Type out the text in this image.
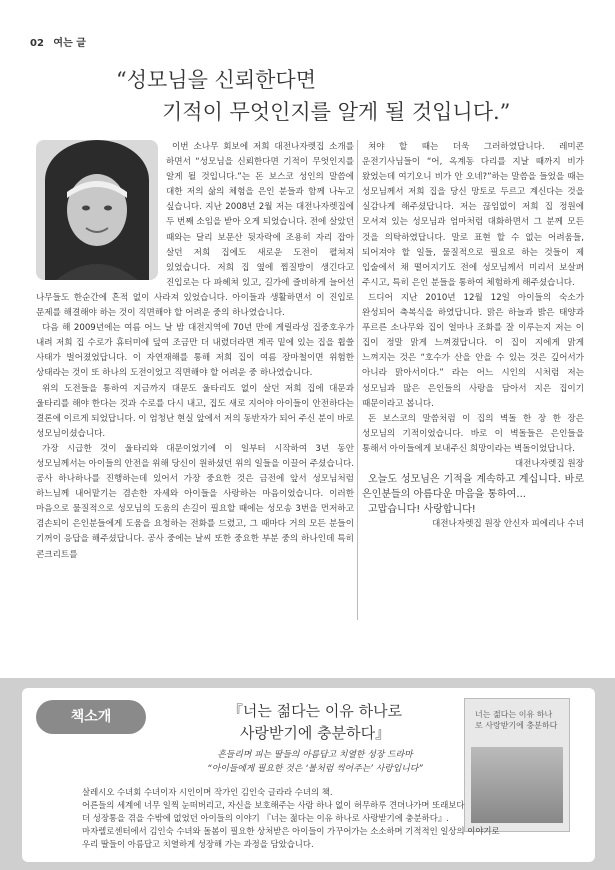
02 여는 글
“성모님을 신뢰한다면
기적이 무엇인지를 알게 될 것입니다.”

이번 소나무 회보에 저희 대전나자렛집 소개를 하면서 “성모님을 신뢰한다면 기적이 무엇인지를 알게 될 것입니다.”는 돈 보스코 성인의 말씀에 대한 저의 삶의 체험을 은인 분들과 함께 나누고 싶습니다. 지난 2008년 2월 저는 대전나자렛집에 두 번째 소임을 받아 오게 되었습니다. 전에 살았던 때와는 달리 보문산 뒷자락에 조용히 자리 잡아 살던 저희 집에도 새로운 도전이 펼쳐져 있었습니다. 저희 집 옆에 찜질방이 생긴다고 진입로는 다 파헤쳐 있고, 길가에 즐비하게 늘어선 나무들도 한순간에 흔적 없이 사라져 있었습니다. 아이들과 생활하면서 이 진입로 문제를 해결해야 하는 것이 직면해야 할 어려운 중의 하나였습니다.

다음 해 2009년에는 여름 어느 날 밤 대전지역에 70년 만에 게릴라성 집중호우가 내려 저희 집 수로가 휴터미에 덮여 조금만 더 내렸더라면 계곡 밑에 있는 집을 휩쓸 사태가 벌어졌었답니다. 이 자연재해를 통해 저희 집이 여름 장마철이면 위험한 상태라는 것이 또 하나의 도전이었고 직면해야 할 어려운 중 하나였습니다.

위의 도전들을 통하여 지금까지 대문도 울타리도 없이 살던 저희 집에 대문과 울타리를 해야 한다는 것과 수로를 다시 내고, 집도 새로 지어야 아이들이 안전하다는 결론에 이르게 되었답니다. 이 엄청난 현실 앞에서 저의 동반자가 되어 주신 분이 바로 성모님이셨습니다.

가장 시급한 것이 울타리와 대문이었기에 이 일부터 시작하여 3년 동안 성모님께서는 아이들의 안전을 위해 당신이 원하셨던 위의 일들을 이끌어 주셨습니다. 공사 하나하나를 진행하는데 있어서 가장 중요한 것은 금전에 앞서 성모님처럼 하느님께 내어맡기는 겸손한 자세와 아이들을 사랑하는 마음이었습니다. 이러한 마음으로 물질적으로 성모님의 도움의 손길이 필요할 때에는 성모송 3번을 먼저하고 겸손되이 은인분들에게 도움을 요청하는 전화를 드렸고, 그 때마다 거의 모든 분들이 기꺼이 응답을 해주셨답니다. 공사 중에는 날씨 또한 중요한 부분 중의 하나인데 특히 콘크리트를

쳐야 할 때는 더욱 그러하였답니다. 레미콘 운전기사님들이 “어, 옥계동 다리를 지날 때까지 비가 왔었는데 여기오니 비가 안 오네?”하는 말씀을 들었을 때는 성모님께서 저희 집을 당신 망토로 두르고 계신다는 것을 실감나게 해주셨답니다. 저는 끊임없이 저희 집 정원에 모셔져 있는 성모님과 엄마처럼 대화하면서 그 분께 모든 것을 의탁하였답니다. 말로 표현 할 수 없는 어려움들, 되어져야 할 일들, 물질적으로 필요로 하는 것들이 제 입술에서 채 떨어지기도 전에 성모님께서 미리서 보살펴 주시고, 특히 은인 분들을 통하여 체험하게 해주셨습니다.

드디어 지난 2010년 12월 12일 아이들의 숙소가 완성되어 축복식을 하였답니다. 맑은 하늘과 밝은 태양과 푸르른 소나무와 집이 얼마나 조화를 잘 이루는지 저는 이 집이 정말 맑게 느껴졌답니다. 이 집이 지에게 맑게 느껴지는 것은 “호수가 산을 안을 수 있는 것은 깊어서가 아니라 맑아서이다.” 라는 어느 시인의 시처럼 저는 성모님과 많은 은인들의 사랑을 담아서 지은 집이기 때문이라고 봅니다.

돈 보스코의 말씀처럼 이 집의 벽돌 한 장 한 장은 성모님의 기적이었습니다. 바로 이 벽돌들은 은인들을 통해서 아이들에게 보내주신 희망이라는 벽돌이었답니다.

대전나자렛집 원장

오늘도 성모님은 기적을 계속하고 계십니다. 바로 은인분들의 아름다운 마음을 통하여...

고맙습니다! 사랑합니다!

대전나자렛집 원장 안신자 피에리나 수녀

책소개	『너는 젊다는 이유 하나로
사랑받기에 충분하다』
너는 젊다는 이유 하나로 사랑받기에 충분하다
흔들리며 피는 딸들의 아름답고 치열한 성장 드라마
“아이들에게 필요한 것은 ‘볼처럼 씩어주는’ 사랑입니다”
살레시오 수녀회 수녀이자 시인이며 작가인 김인숙 글라라 수녀의 책.
어른들의 세계에 너무 일찍 눈떠버리고, 자신을 보호해주는 사람 하나 없이 허무하루 견뎌나가며 또래보다
더 성장통을 겪을 수밖에 없었던 아이들의 이야기 『너는 젊다는 이유 하나로 사랑받기에 충분하다』.
마자렐로센터에서 김인숙 수녀와 돌봄이 필요한 상처받은 아이들이 가꾸어가는 소소하며 기적적인 일상의 이야기로
우리 딸들이 아름답고 치열하게 성장해 가는 과정을 담았습니다.
